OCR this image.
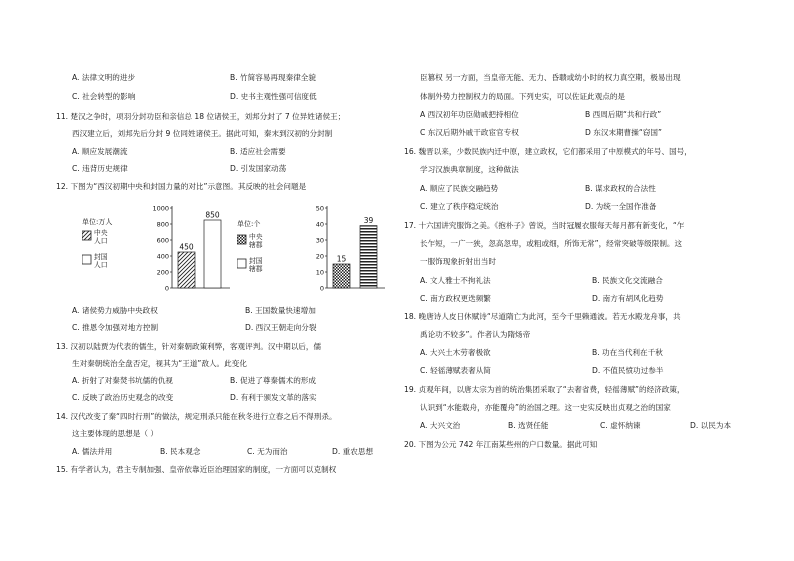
A. 法律文明的进步	B. 竹简容易再现秦律全貌
C. 社会转型的影响	D. 史书主观性强可信度低
11. 楚汉之争时，项羽分封功臣和亲信总 18 位诸侯王，刘邦分封了 7 位异姓诸侯王；
西汉建立后，刘邦先后分封 9 位同姓诸侯王。据此可知，秦末到汉初的分封制
A. 顺应发展潮流	B. 适应社会需要
C. 违背历史规律	D. 引发国家动荡
12. 下图为“西汉初期中央和封国力量的对比”示意图。其反映的社会问题是
单位:万人
中央人口
封国人口
0
200
400
600
800
1000
450
850
单位:个
中央辖郡
封国辖郡
0
10
20
30
40
50
15
39
A. 诸侯势力威胁中央政权	B. 王国数量快速增加
C. 推恩令加强对地方控制	D. 西汉王朝走向分裂
13. 汉初以陆贾为代表的儒生，针对秦朝政策利弊，客观评判。汉中期以后，儒
生对秦朝统治全盘否定，视其为“王道”敌人。此变化
A. 折射了对秦焚书坑儒的仇视	B. 促进了尊秦儒术的形成
C. 反映了政治历史观念的改变	D. 有利于颁发文革的落实
14. 汉代改变了秦“四时行刑”的做法，规定刑杀只能在秋冬进行立春之后不得刑杀。
这主要体现的思想是（ ）
A. 儒法并用	B. 民本观念	C. 无为而治	D. 重农思想
15. 有学者认为，君主专制加强、皇帝依靠近臣治理国家的制度，一方面可以克制权
臣篡权 另一方面，当皇帝无能、无力、昏聩或幼小时的权力真空期，极易出现
体制外势力控制权力的局面。下列史实，可以佐证此观点的是
A 西汉初年功臣勋戚把持相位	B 西周后期“共和行政”
C 东汉后期外戚干政宦官专权	D 东汉末期曹操“窃国”
16. 魏晋以来，少数民族内迁中原，建立政权，它们都采用了中原模式的年号、国号，
学习汉族典章制度，这种做法
A. 顺应了民族交融趋势	B. 谋求政权的合法性
C. 建立了秩序稳定统治	D. 为统一全国作准备
17. 十六国讲究服饰之美。《抱朴子》曾说，当时冠履衣服每天每月都有新变化，“乍
长乍短，一广一狭，忽高忽卑，或粗或细，所饰无常”，经常突破等级限制。这
一服饰现象折射出当时
A. 文人雅士不拘礼法	B. 民族文化交流融合
C. 南方政权更迭频繁	D. 南方有胡风化趋势
18. 晚唐诗人皮日休赋诗“尽道隋亡为此河，至今千里赖通波。若无水殿龙舟事，共
禹论功不较多”。作者认为隋炀帝
A. 大兴土木劳奢极欲	B. 功在当代利在千秋
C. 轻徭薄赋表奢从简	D. 不值民愤功过参半
19. 贞观年间，以唐太宗为首的统治集团采取了“去奢省费，轻徭薄赋”的经济政策，
认识到“水能载舟，亦能覆舟”的治国之理。这一史实反映出贞观之治的国家
A. 大兴文治	B. 选贤任能	C. 虚怀纳谏	D. 以民为本
20. 下图为公元 742 年江南某些州的户口数量。据此可知
